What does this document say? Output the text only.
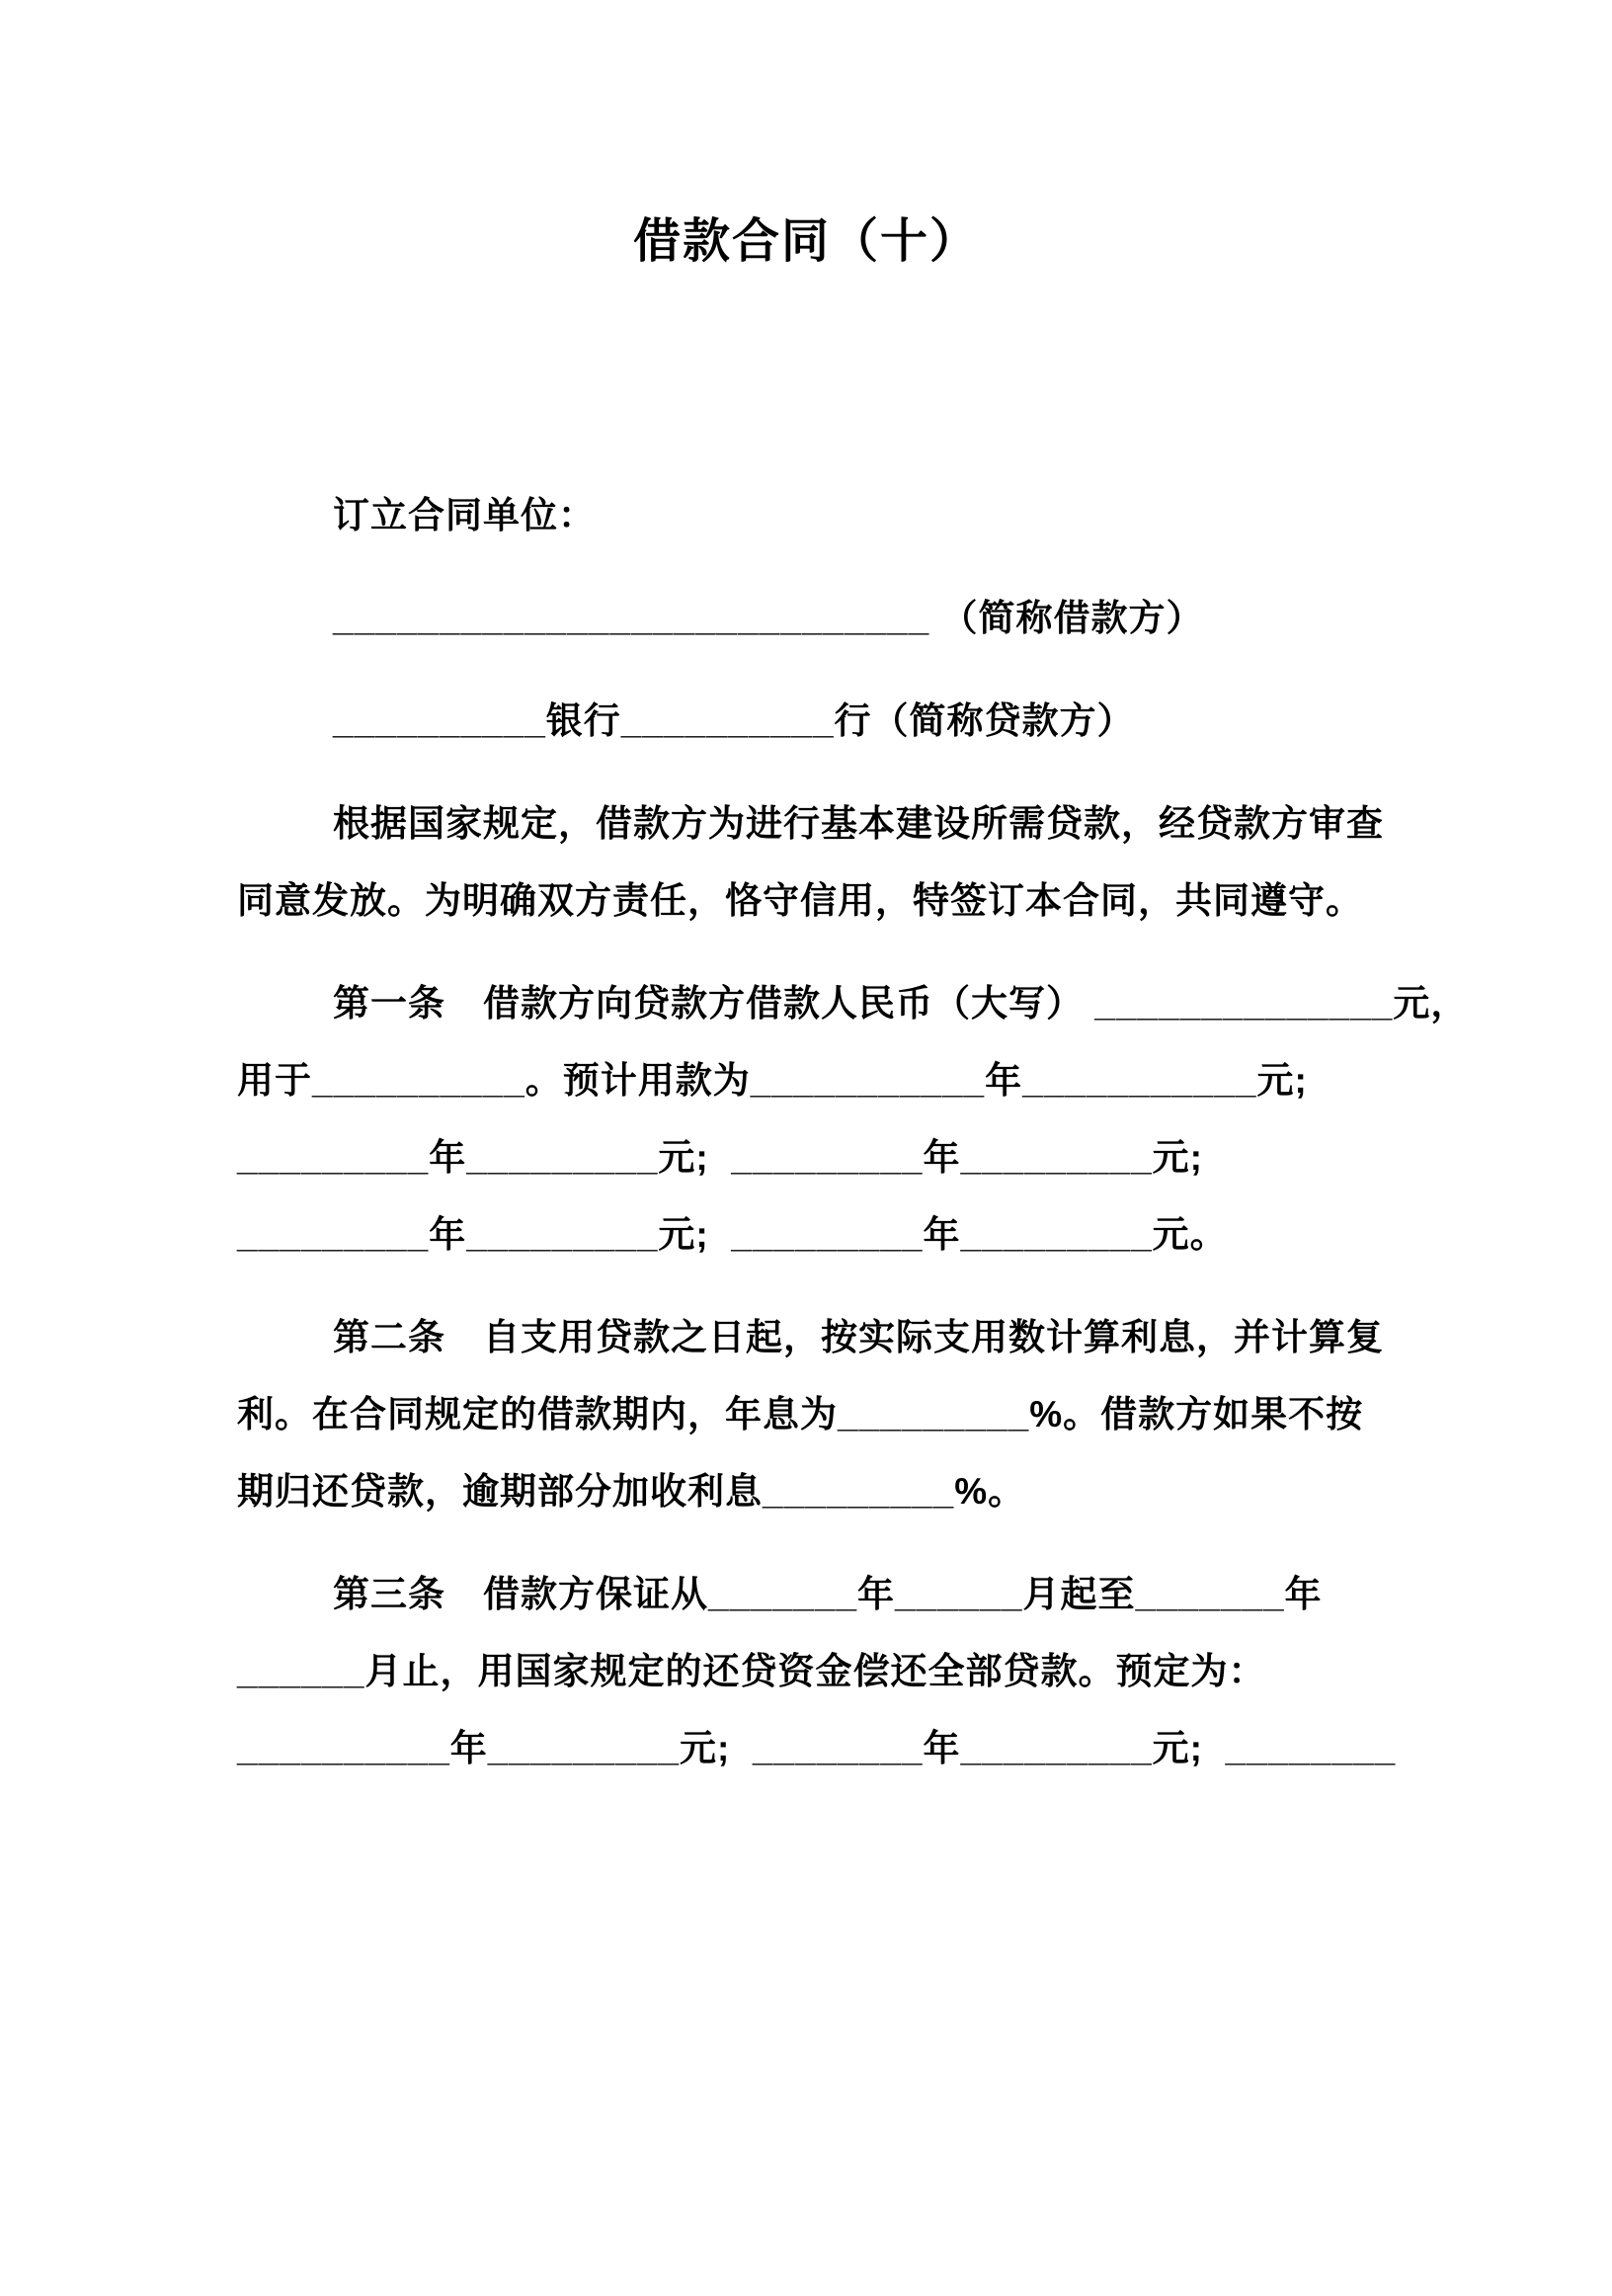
借款合同（十）
订立合同单位：
____________________________ （简称借款方）
__________银行__________行（简称贷款方）
根据国家规定，借款方为进行基本建设所需贷款，经贷款方审查
同意发放。为明确双方责任，恪守信用，特签订本合同，共同遵守。
第一条　借款方向贷款方借款人民币（大写） ______________元，
用于__________。预计用款为___________年___________元;
_________年_________元;  _________年_________元;
_________年_________元;  _________年_________元。
第二条　自支用贷款之日起，按实际支用数计算利息，并计算复
利。在合同规定的借款期内，年息为_________%。借款方如果不按
期归还贷款，逾期部分加收利息_________%。
第三条　借款方保证从_______年______月起至_______年
______月止，用国家规定的还贷资金偿还全部贷款。预定为：
__________年_________元;  ________年_________元;  ________
